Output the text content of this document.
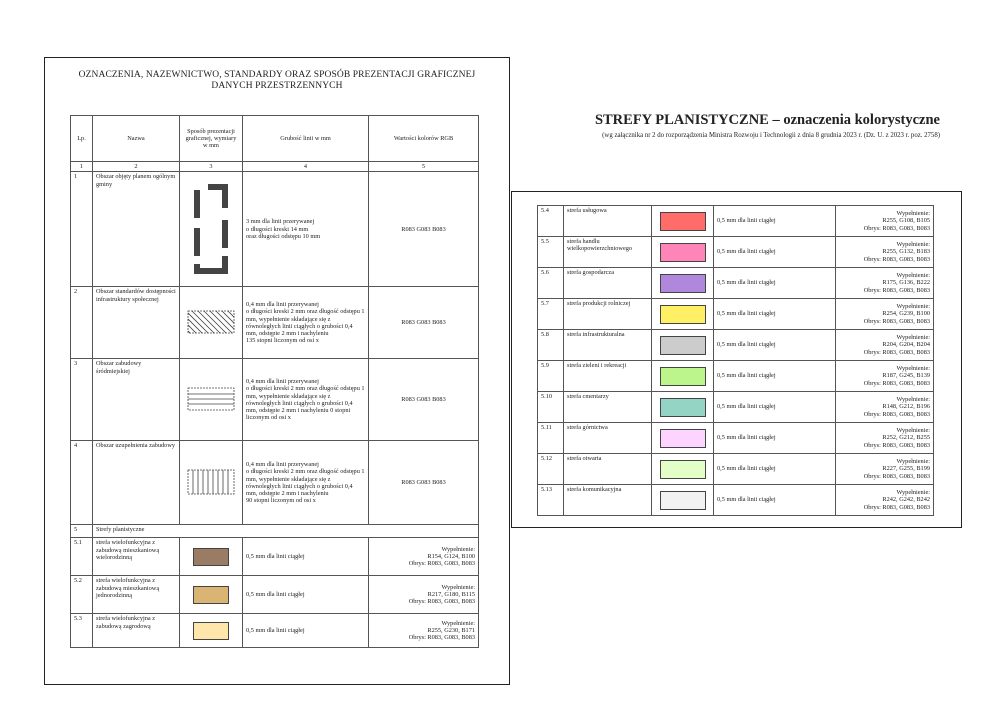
OZNACZENIA, NAZEWNICTWO, STANDARDY ORAZ SPOSÓB PREZENTACJI GRAFICZNEJ
DANYCH PRZESTRZENNYCH
Lp.	Nazwa	Sposób prezentacji graficznej, wymiary w mm	Grubość linii w mm	Wartości kolorów RGB
1	2	3	4	5
1	Obszar objęty planem ogólnym gminy		3 mm dla linii przerywanej
o długości kreski 14 mm
oraz długości odstępu 10 mm	R083 G083 B083
2	Obszar standardów dostępności infrastruktury społecznej		0,4 mm dla linii przerywanej
o długości kreski 2 mm oraz długość odstępu 1 mm, wypełnienie składające się z równoległych linii ciągłych o grubości 0,4 mm, odstępie 2 mm i nachyleniu
135 stopni liczonym od osi x	R083 G083 B083
3	Obszar zabudowy śródmiejskiej		0,4 mm dla linii przerywanej
o długości kreski 2 mm oraz długość odstępu 1 mm, wypełnienie składające się z równoległych linii ciągłych o grubości 0,4 mm, odstępie 2 mm i nachyleniu 0 stopni liczonym od osi x	R083 G083 B083
4	Obszar uzupełnienia zabudowy		0,4 mm dla linii przerywanej
o długości kreski 2 mm oraz długość odstępu 1 mm, wypełnienie składające się z równoległych linii ciągłych o grubości 0,4 mm, odstępie 2 mm i nachyleniu
90 stopni liczonym od osi x	R083 G083 B083
5	Strefy planistyczne			
5.1	strefa wielofunkcyjna z zabudową mieszkaniową wielorodzinną		0,5 mm dla linii ciągłej	Wypełnienie:
R154, G124, B100
Obrys: R083, G083, B083

5.2	strefa wielofunkcyjna z zabudową mieszkaniową jednorodzinną		0,5 mm dla linii ciągłej	Wypełnienie:
R217, G180, B115
Obrys: R083, G083, B083

5.3	strefa wielofunkcyjna z zabudową zagrodową		0,5 mm dla linii ciągłej	Wypełnienie:
R255, G230, B171
Obrys: R083, G083, B083
STREFY PLANISTYCZNE – oznaczenia kolorystyczne
(wg załącznika nr 2 do rozporządzenia Ministra Rozwoju i Technologii z dnia 8 grudnia 2023 r. (Dz. U. z 2023 r. poz. 2758)
5.4	strefa usługowa		0,5 mm dla linii ciągłej	Wypełnienie:
R255, G108, B105
Obrys: R083, G083, B083

5.5	strefa handlu wielkopowierzchniowego		0,5 mm dla linii ciągłej	Wypełnienie:
R255, G132, B183
Obrys: R083, G083, B083

5.6	strefa gospodarcza		0,5 mm dla linii ciągłej	Wypełnienie:
R175, G136, B222
Obrys: R083, G083, B083

5.7	strefa produkcji rolniczej		0,5 mm dla linii ciągłej	Wypełnienie:
R254, G239, B100
Obrys: R083, G083, B083

5.8	strefa infrastrukturalna		0,5 mm dla linii ciągłej	Wypełnienie:
R204, G204, B204
Obrys: R083, G083, B083

5.9	strefa zieleni i rekreacji		0,5 mm dla linii ciągłej	Wypełnienie:
R187, G245, B139
Obrys: R083, G083, B083

5.10	strefa cmentarzy		0,5 mm dla linii ciągłej	Wypełnienie:
R148, G212, B196
Obrys: R083, G083, B083

5.11	strefa górnictwa		0,5 mm dla linii ciągłej	Wypełnienie:
R252, G212, B255
Obrys: R083, G083, B083

5.12	strefa otwarta		0,5 mm dla linii ciągłej	Wypełnienie:
R227, G255, B199
Obrys: R083, G083, B083

5.13	strefa komunikacyjna		0,5 mm dla linii ciągłej	Wypełnienie:
R242, G242, B242
Obrys: R083, G083, B083
